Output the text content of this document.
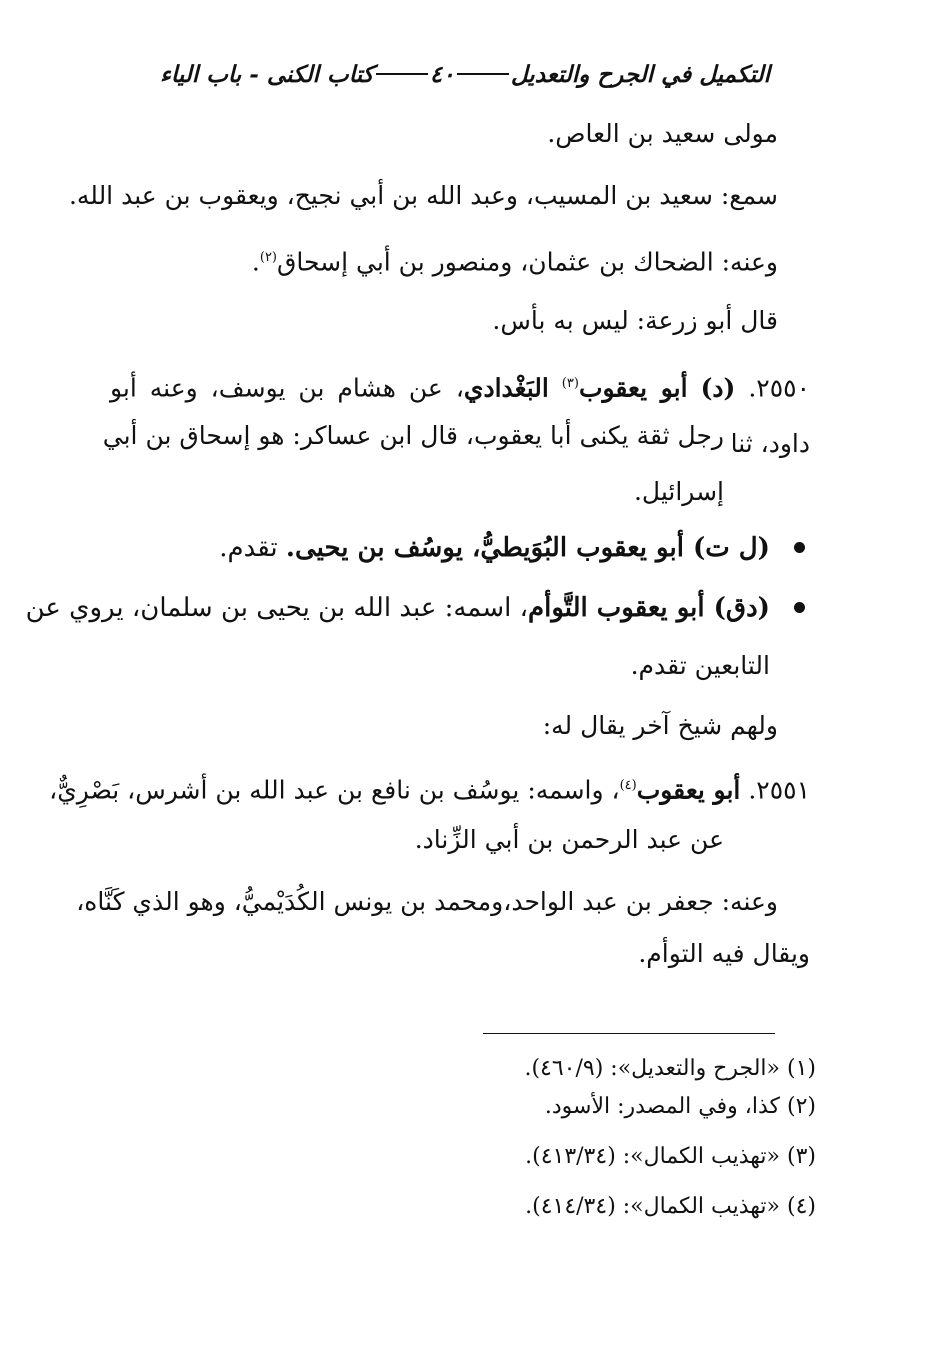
التكميل في الجرح والتعديل
٤٠
كتاب الكنى - باب الياء
مولى سعيد بن العاص.
سمع: سعيد بن المسيب، وعبد الله بن أبي نجيح، ويعقوب بن عبد الله.
وعنه: الضحاك بن عثمان، ومنصور بن أبي إسحاق$^{(٢)}$.
قال أبو زرعة: ليس به بأس.
٢٥٥٠. (د) أبو يعقوب$^{(٣)}$ البَغْدادي، عن هشام بن يوسف، وعنه أبو داود، ثنا
رجل ثقة يكنى أبا يعقوب، قال ابن عساكر: هو إسحاق بن أبي
إسرائيل.
(ل ت) أبو يعقوب البُوَيطيُّ، يوسُف بن يحيى. تقدم.
(دق) أبو يعقوب التَّوأم، اسمه: عبد الله بن يحيى بن سلمان، يروي عن
التابعين تقدم.
ولهم شيخ آخر يقال له:
٢٥٥١. أبو يعقوب$^{(٤)}$، واسمه: يوسُف بن نافع بن عبد الله بن أشرس، بَصْرِيٌّ،
عن عبد الرحمن بن أبي الزِّناد.
وعنه: جعفر بن عبد الواحد،ومحمد بن يونس الكُدَيْميُّ، وهو الذي كَنَّاه،
ويقال فيه التوأم.
(١) «الجرح والتعديل»: (٤٦٠/٩).
(٢) كذا، وفي المصدر: الأسود.
(٣) «تهذيب الكمال»: (٤١٣/٣٤).
(٤) «تهذيب الكمال»: (٤١٤/٣٤).
